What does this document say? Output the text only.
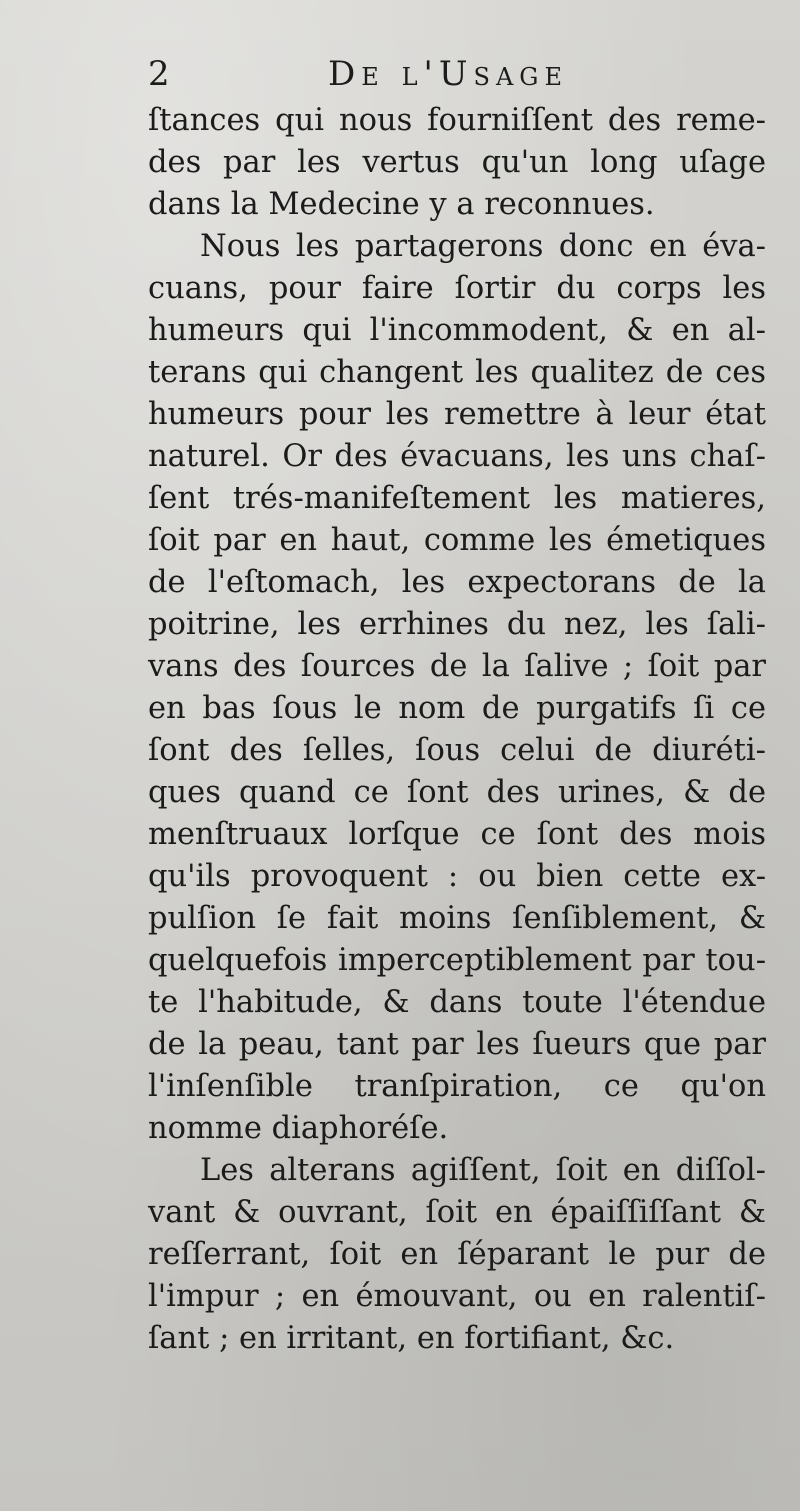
2	De l'Usage
ſtances qui nous fourniſſent des reme-
des par les vertus qu'un long uſage
dans la Medecine y a reconnues.
Nous les partagerons donc en éva-
cuans, pour faire ſortir du corps les
humeurs qui l'incommodent, & en al-
terans qui changent les qualitez de ces
humeurs pour les remettre à leur état
naturel. Or des évacuans, les uns chaſ-
ſent trés-manifeſtement les matieres,
ſoit par en haut, comme les émetiques
de l'eſtomach, les expectorans de la
poitrine, les errhines du nez, les ſali-
vans des ſources de la ſalive ; ſoit par
en bas ſous le nom de purgatifs ſi ce
ſont des ſelles, ſous celui de diuréti-
ques quand ce ſont des urines, & de
menſtruaux lorſque ce ſont des mois
qu'ils provoquent : ou bien cette ex-
pulſion ſe fait moins ſenſiblement, &
quelquefois imperceptiblement par tou-
te l'habitude, & dans toute l'étendue
de la peau, tant par les ſueurs que par
l'inſenſible tranſpiration, ce qu'on
nomme diaphoréſe.
Les alterans agiſſent, ſoit en diſſol-
vant & ouvrant, ſoit en épaiſſiſſant &
reſſerrant, ſoit en ſéparant le pur de
l'impur ; en émouvant, ou en ralentiſ-
ſant ; en irritant, en fortifiant, &c.
